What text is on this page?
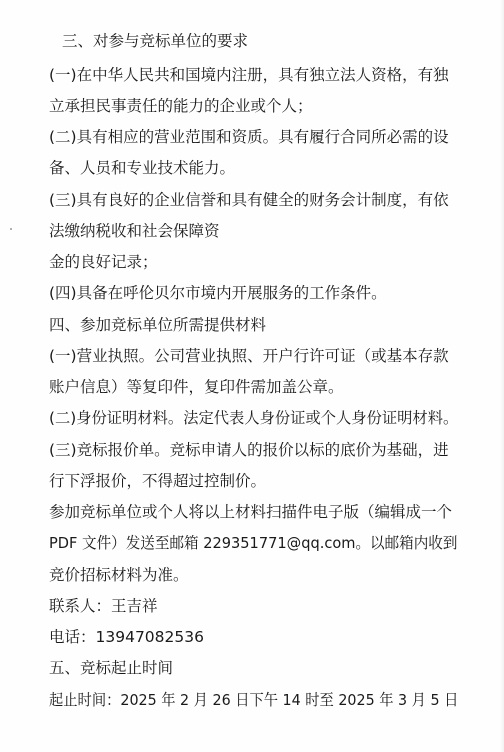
三、对参与竞标单位的要求
(一)在中华人民共和国境内注册，具有独立法人资格，有独
立承担民事责任的能力的企业或个人；
(二)具有相应的营业范围和资质。具有履行合同所必需的设
备、人员和专业技术能力。
(三)具有良好的企业信誉和具有健全的财务会计制度，有依
法缴纳税收和社会保障资
金的良好记录；
(四)具备在呼伦贝尔市境内开展服务的工作条件。
四、参加竞标单位所需提供材料
(一)营业执照。公司营业执照、开户行许可证（或基本存款
账户信息）等复印件，复印件需加盖公章。
(二)身份证明材料。法定代表人身份证或个人身份证明材料。
(三)竞标报价单。竞标申请人的报价以标的底价为基础，进
行下浮报价，不得超过控制价。
参加竞标单位或个人将以上材料扫描件电子版（编辑成一个
PDF 文件）发送至邮箱 229351771@qq.com。以邮箱内收到
竞价招标材料为准。
联系人：王吉祥
电话：13947082536
五、竞标起止时间
起止时间：2025 年 2 月 26 日下午 14 时至 2025 年 3 月 5 日
